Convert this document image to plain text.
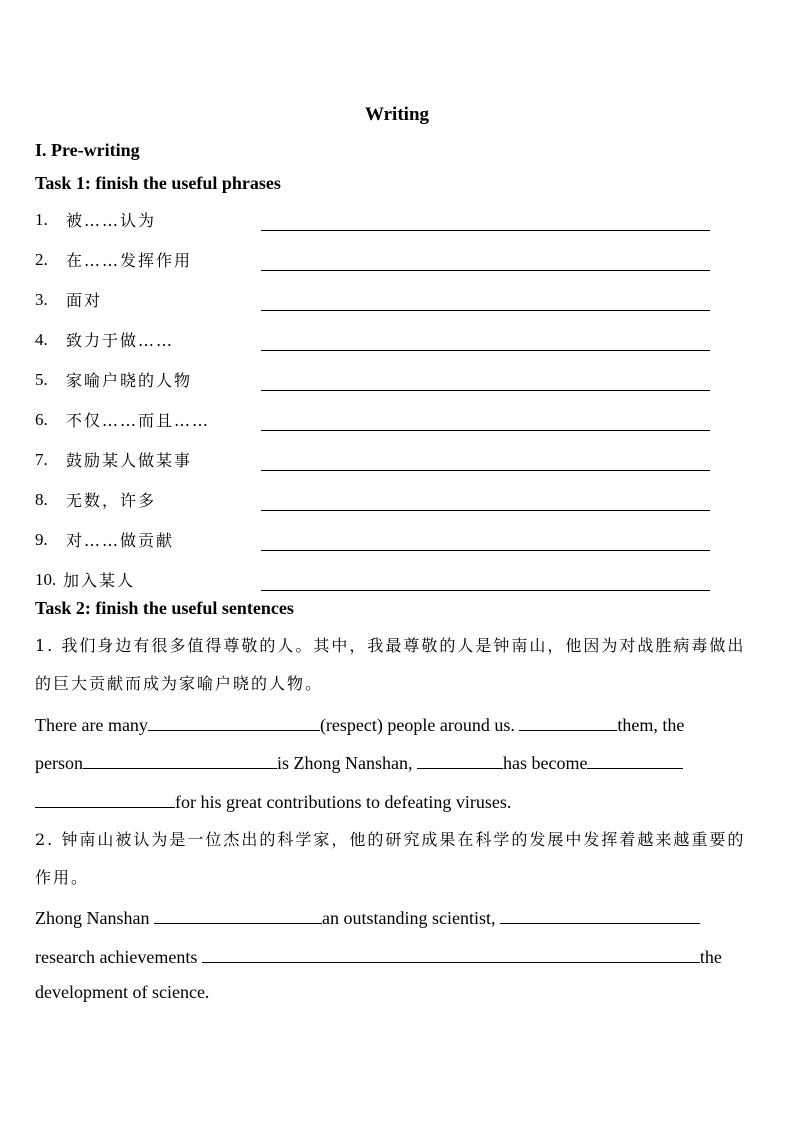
Writing
I. Pre-writing
Task 1: finish the useful phrases
1. 被……认为
2. 在……发挥作用
3. 面对
4. 致力于做……
5. 家喻户晓的人物
6. 不仅……而且……
7. 鼓励某人做某事
8. 无数，许多
9. 对……做贡献
10. 加入某人
Task 2: finish the useful sentences
1. 我们身边有很多值得尊敬的人。其中，我最尊敬的人是钟南山，他因为对战胜病毒做出的巨大贡献而成为家喻户晓的人物。
There are many	(respect) people around us.	them, the
person	is Zhong Nanshan,	has become
for his great contributions to defeating viruses.
2. 钟南山被认为是一位杰出的科学家，他的研究成果在科学的发展中发挥着越来越重要的作用。
Zhong Nanshan	an outstanding scientist,
research achievements	the
development of science.
